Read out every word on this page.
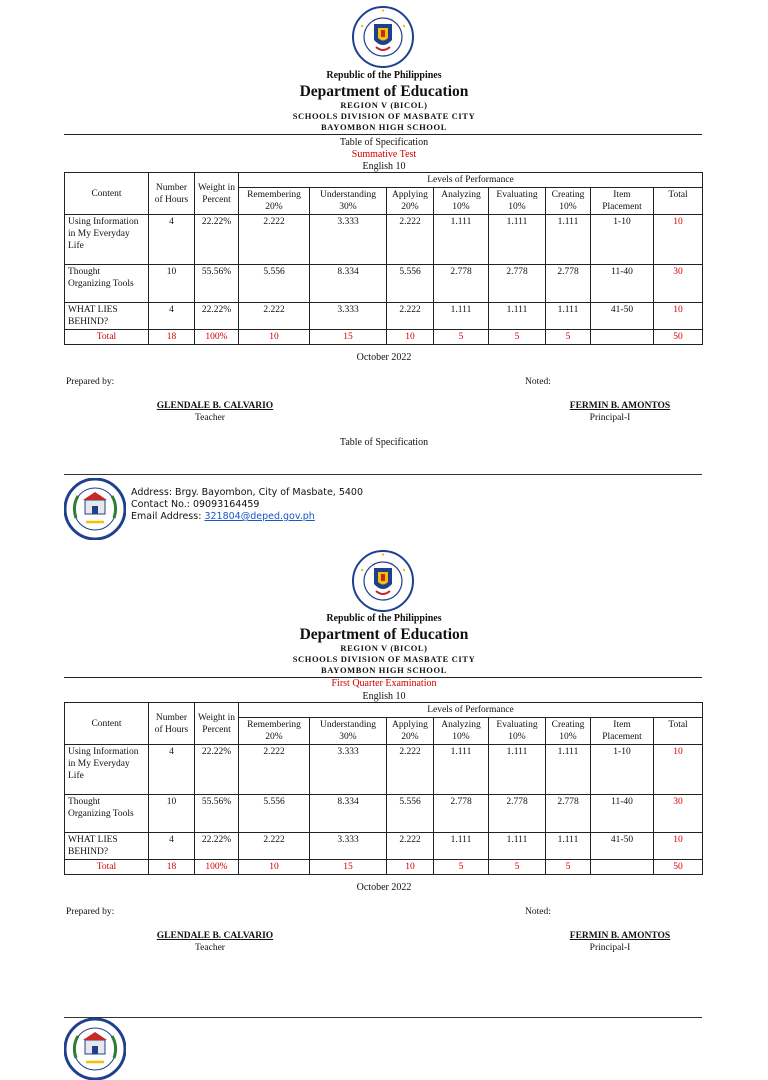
Republic of the Philippines
Department of Education
REGION V (BICOL)
SCHOOLS DIVISION OF MASBATE CITY
BAYOMBON HIGH SCHOOL
Table of Specification
Summative Test
English 10
Content	Number of Hours	Weight in Percent	Levels of Performance							
			Remembering 20%	Understanding 30%	Applying 20%	Analyzing 10%	Evaluating 10%	Creating 10%	Item Placement	Total
Using Information in My Everyday Life	4	22.22%	2.222	3.333	2.222	1.111	1.111	1.111	1-10	10
Thought Organizing Tools	10	55.56%	5.556	8.334	5.556	2.778	2.778	2.778	11-40	30
WHAT LIES BEHIND?	4	22.22%	2.222	3.333	2.222	1.111	1.111	1.111	41-50	10
Total	18	100%	10	15	10	5	5	5		50
October 2022
Prepared by:	Noted:
GLENDALE B. CALVARIO
Teacher
FERMIN B. AMONTOS
Principal-I
Table of Specification
Address: Brgy. Bayombon, City of Masbate, 5400
Contact No.: 09093164459
Email Address: 321804@deped.gov.ph
Republic of the Philippines
Department of Education
REGION V (BICOL)
SCHOOLS DIVISION OF MASBATE CITY
BAYOMBON HIGH SCHOOL
First Quarter Examination
English 10
Content	Number of Hours	Weight in Percent	Levels of Performance							
			Remembering 20%	Understanding 30%	Applying 20%	Analyzing 10%	Evaluating 10%	Creating 10%	Item Placement	Total
Using Information in My Everyday Life	4	22.22%	2.222	3.333	2.222	1.111	1.111	1.111	1-10	10
Thought Organizing Tools	10	55.56%	5.556	8.334	5.556	2.778	2.778	2.778	11-40	30
WHAT LIES BEHIND?	4	22.22%	2.222	3.333	2.222	1.111	1.111	1.111	41-50	10
Total	18	100%	10	15	10	5	5	5		50
October 2022
Prepared by:	Noted:
GLENDALE B. CALVARIO
Teacher
FERMIN B. AMONTOS
Principal-I
